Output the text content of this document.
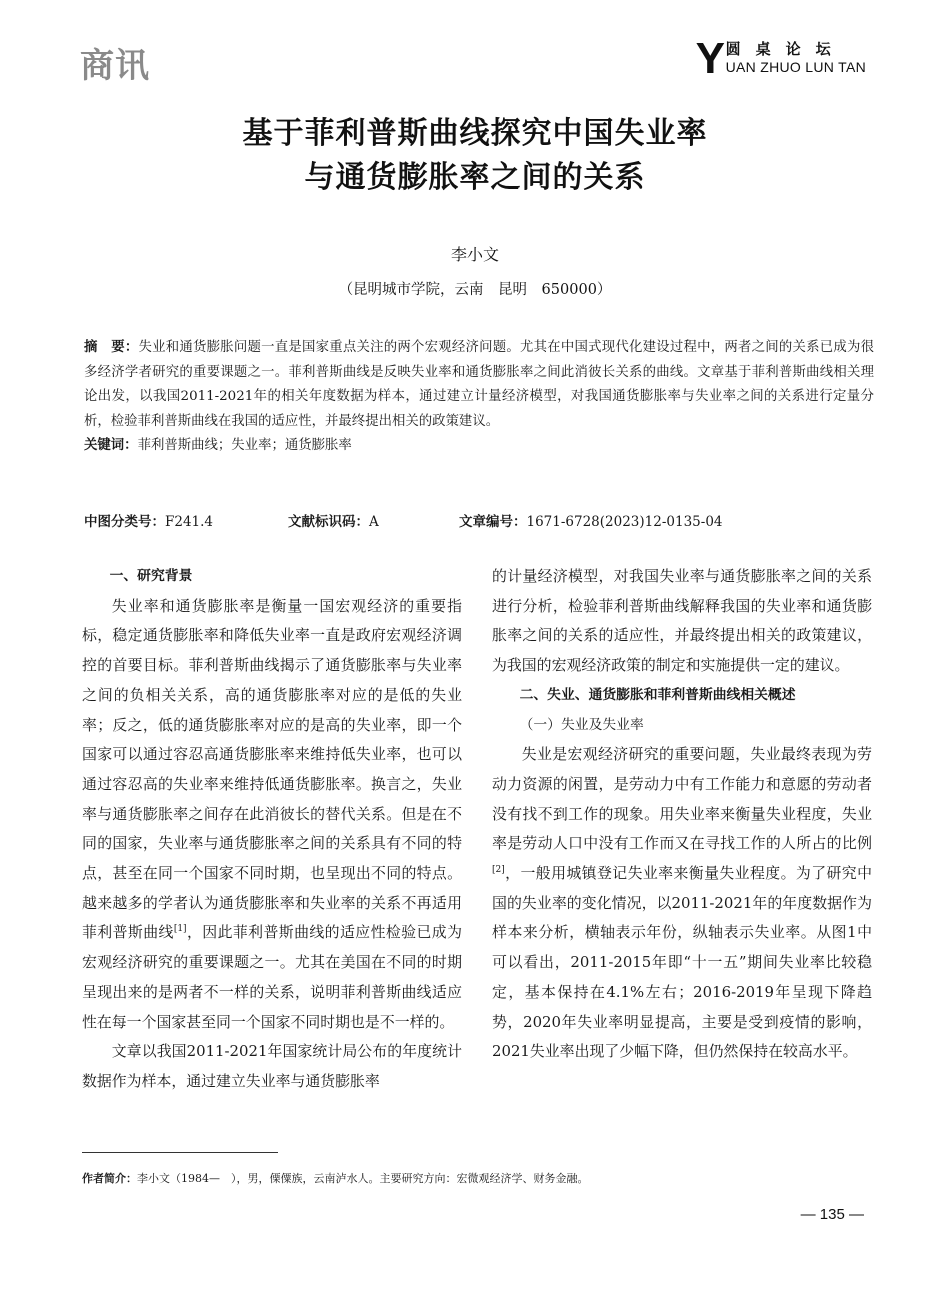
商讯	Y 圆桌论坛
UAN ZHUO LUN TAN
基于菲利普斯曲线探究中国失业率
与通货膨胀率之间的关系
李小文
（昆明城市学院，云南　昆明　650000）
摘　要：失业和通货膨胀问题一直是国家重点关注的两个宏观经济问题。尤其在中国式现代化建设过程中，两者之间的关系已成为很多经济学者研究的重要课题之一。菲利普斯曲线是反映失业率和通货膨胀率之间此消彼长关系的曲线。文章基于菲利普斯曲线相关理论出发，以我国2011-2021年的相关年度数据为样本，通过建立计量经济模型，对我国通货膨胀率与失业率之间的关系进行定量分析，检验菲利普斯曲线在我国的适应性，并最终提出相关的政策建议。
关键词：菲利普斯曲线；失业率；通货膨胀率
中图分类号：F241.4	文献标识码：A	文章编号：1671-6728(2023)12-0135-04
一、研究背景

失业率和通货膨胀率是衡量一国宏观经济的重要指标，稳定通货膨胀率和降低失业率一直是政府宏观经济调控的首要目标。菲利普斯曲线揭示了通货膨胀率与失业率之间的负相关关系，高的通货膨胀率对应的是低的失业率；反之，低的通货膨胀率对应的是高的失业率，即一个国家可以通过容忍高通货膨胀率来维持低失业率，也可以通过容忍高的失业率来维持低通货膨胀率。换言之，失业率与通货膨胀率之间存在此消彼长的替代关系。但是在不同的国家，失业率与通货膨胀率之间的关系具有不同的特点，甚至在同一个国家不同时期，也呈现出不同的特点。越来越多的学者认为通货膨胀率和失业率的关系不再适用菲利普斯曲线[1]，因此菲利普斯曲线的适应性检验已成为宏观经济研究的重要课题之一。尤其在美国在不同的时期呈现出来的是两者不一样的关系，说明菲利普斯曲线适应性在每一个国家甚至同一个国家不同时期也是不一样的。

文章以我国2011-2021年国家统计局公布的年度统计数据作为样本，通过建立失业率与通货膨胀率

的计量经济模型，对我国失业率与通货膨胀率之间的关系进行分析，检验菲利普斯曲线解释我国的失业率和通货膨胀率之间的关系的适应性，并最终提出相关的政策建议，为我国的宏观经济政策的制定和实施提供一定的建议。

二、失业、通货膨胀和菲利普斯曲线相关概述
（一）失业及失业率

失业是宏观经济研究的重要问题，失业最终表现为劳动力资源的闲置，是劳动力中有工作能力和意愿的劳动者没有找不到工作的现象。用失业率来衡量失业程度，失业率是劳动人口中没有工作而又在寻找工作的人所占的比例[2]，一般用城镇登记失业率来衡量失业程度。为了研究中国的失业率的变化情况，以2011-2021年的年度数据作为样本来分析，横轴表示年份，纵轴表示失业率。从图1中可以看出，2011-2015年即“十一五”期间失业率比较稳定，基本保持在4.1%左右；2016-2019年呈现下降趋势，2020年失业率明显提高，主要是受到疫情的影响，2021失业率出现了少幅下降，但仍然保持在较高水平。

作者简介：李小文（1984—　），男，傈僳族，云南泸水人。主要研究方向：宏微观经济学、财务金融。
— 135 —
